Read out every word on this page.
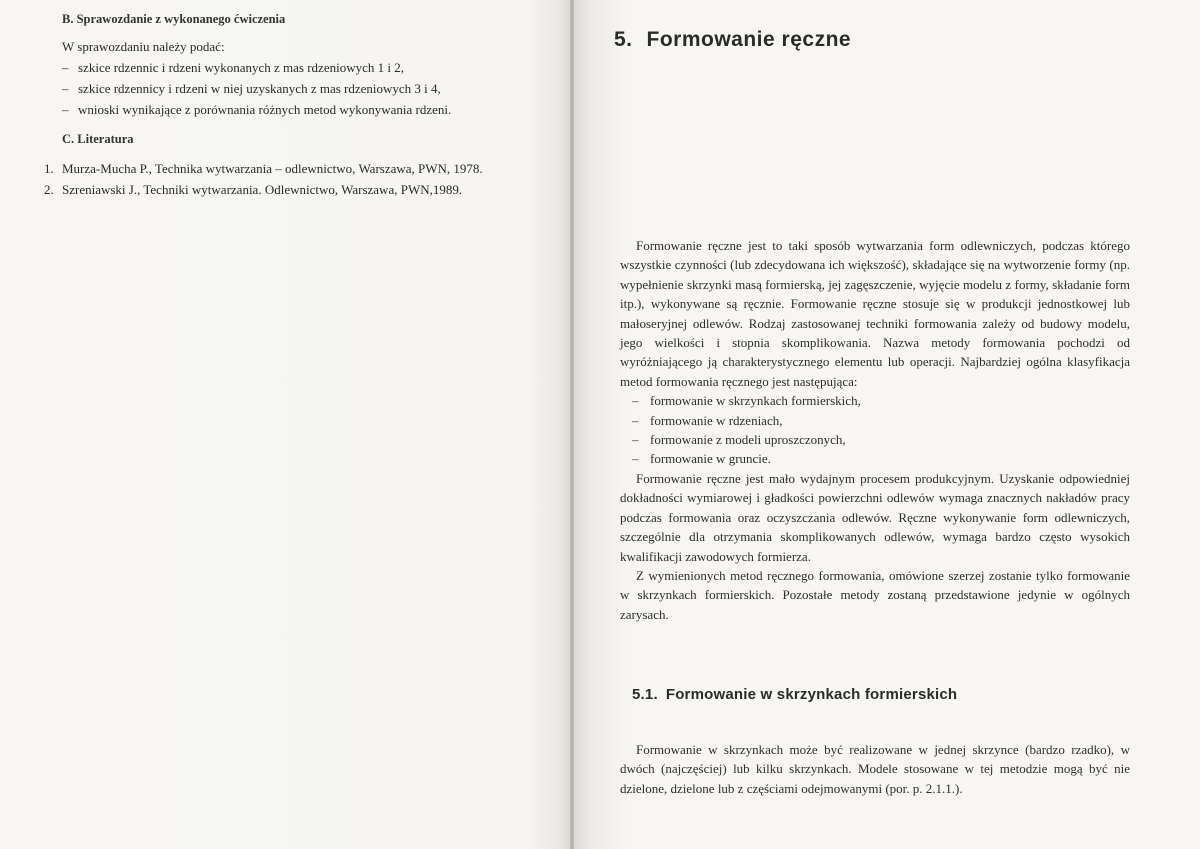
B. Sprawozdanie z wykonanego ćwiczenia

W sprawozdaniu należy podać:

– szkice rdzennic i rdzeni wykonanych z mas rdzeniowych 1 i 2,
– szkice rdzennicy i rdzeni w niej uzyskanych z mas rdzeniowych 3 i 4,
– wnioski wynikające z porównania różnych metod wykonywania rdzeni.
C. Literatura
1. Murza-Mucha P., Technika wytwarzania – odlewnictwo, Warszawa, PWN, 1978.
2. Szreniawski J., Techniki wytwarzania. Odlewnictwo, Warszawa, PWN,1989.
5. Formowanie ręczne

Formowanie ręczne jest to taki sposób wytwarzania form odlewniczych, podczas którego wszystkie czynności (lub zdecydowana ich większość), składające się na wytworzenie formy (np. wypełnienie skrzynki masą formierską, jej zagęszczenie, wyjęcie modelu z formy, składanie form itp.), wykonywane są ręcznie. Formowanie ręczne stosuje się w produkcji jednostkowej lub małoseryjnej odlewów. Rodzaj zastosowanej techniki formowania zależy od budowy modelu, jego wielkości i stopnia skomplikowania. Nazwa metody formowania pochodzi od wyróżniającego ją charakterystycznego elementu lub operacji. Najbardziej ogólna klasyfikacja metod formowania ręcznego jest następująca:

– formowanie w skrzynkach formierskich,
– formowanie w rdzeniach,
– formowanie z modeli uproszczonych,
– formowanie w gruncie.

Formowanie ręczne jest mało wydajnym procesem produkcyjnym. Uzyskanie odpowiedniej dokładności wymiarowej i gładkości powierzchni odlewów wymaga znacznych nakładów pracy podczas formowania oraz oczyszczania odlewów. Ręczne wykonywanie form odlewniczych, szczególnie dla otrzymania skomplikowanych odlewów, wymaga bardzo często wysokich kwalifikacji zawodowych formierza.

Z wymienionych metod ręcznego formowania, omówione szerzej zostanie tylko formowanie w skrzynkach formierskich. Pozostałe metody zostaną przedstawione jedynie w ogólnych zarysach.

5.1. Formowanie w skrzynkach formierskich

Formowanie w skrzynkach może być realizowane w jednej skrzynce (bardzo rzadko), w dwóch (najczęściej) lub kilku skrzynkach. Modele stosowane w tej metodzie mogą być nie dzielone, dzielone lub z częściami odejmowanymi (por. p. 2.1.1.).
